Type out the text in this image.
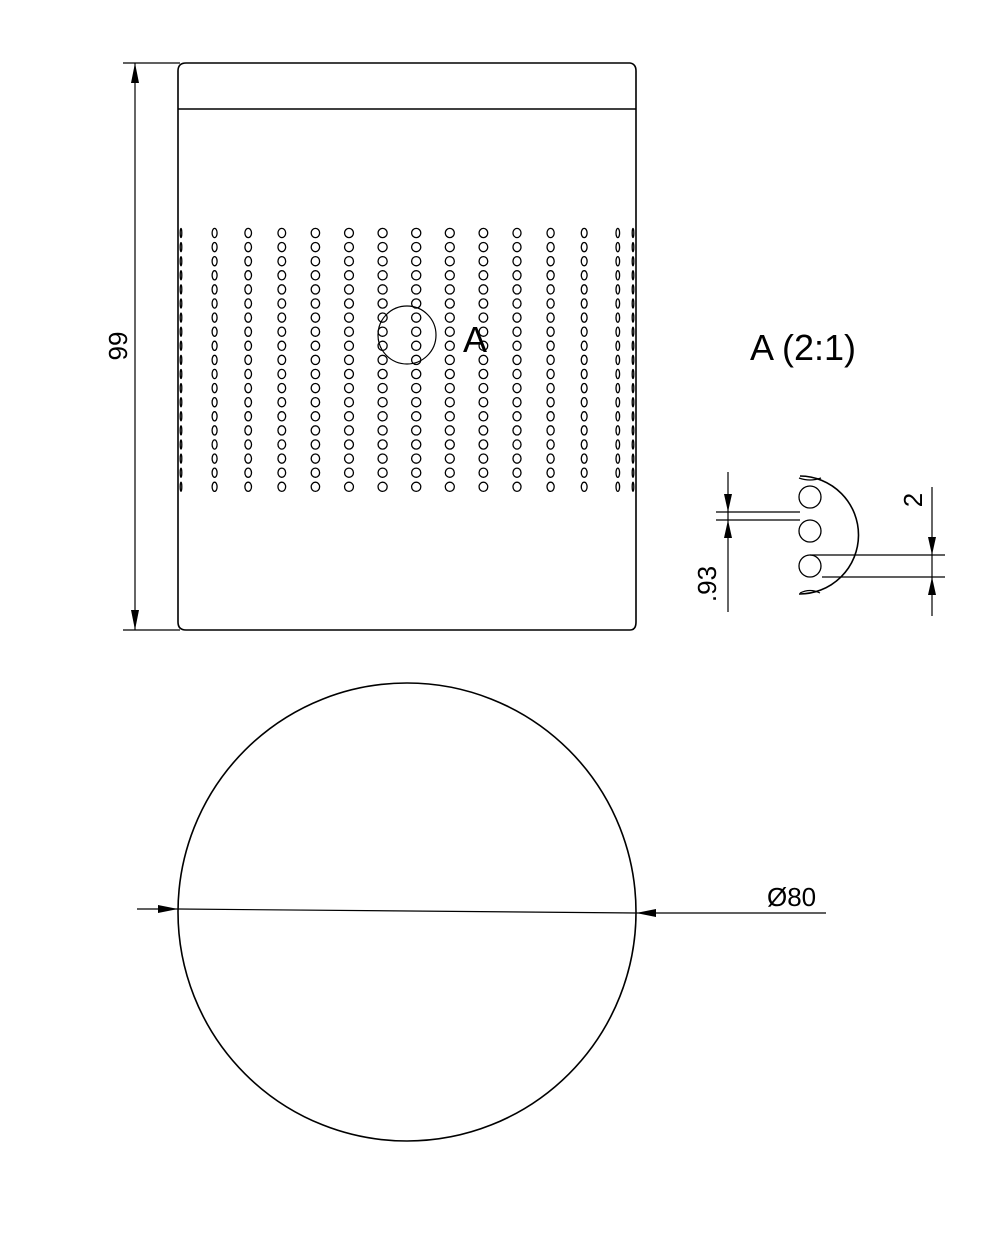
A
99	A (2:1)
.93
2
Ø80
